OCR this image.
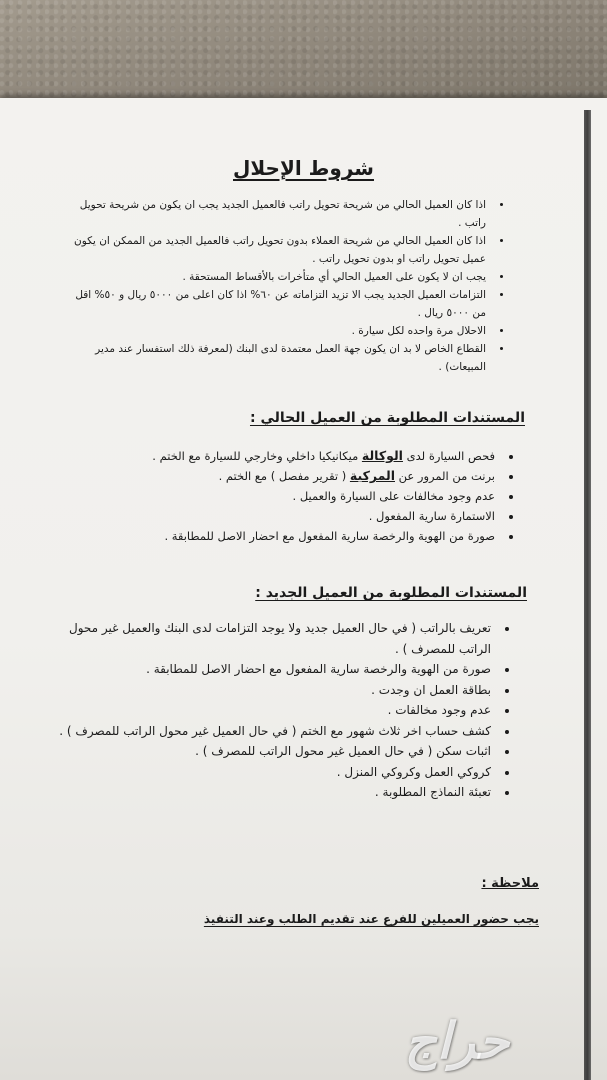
شروط الإحلال
• اذا كان العميل الحالي من شريحة تحويل راتب فالعميل الجديد يجب ان يكون من شريحة تحويل راتب .
• اذا كان العميل الحالي من شريحة العملاء بدون تحويل راتب فالعميل الجديد من الممكن ان يكون عميل تحويل راتب او بدون تحويل راتب .
• يجب ان لا يكون على العميل الحالي أي متأخرات بالأقساط المستحقة .
• التزامات العميل الجديد يجب الا تزيد التزاماته عن ٦٠% اذا كان اعلى من ٥٠٠٠ ريال و ٥٠% اقل من ٥٠٠٠ ريال .
• الاحلال مرة واحده لكل سيارة .
• القطاع الخاص لا بد ان يكون جهة العمل معتمدة لدى البنك (لمعرفة ذلك استفسار عند مدير المبيعات) .
المستندات المطلوبة من العميل الحالي :
• فحص السيارة لدى الوكالة ميكانيكيا داخلي وخارجي للسيارة مع الختم .
• برنت من المرور عن المركبة ( تقرير مفصل ) مع الختم .
• عدم وجود مخالفات على السيارة والعميل .
• الاستمارة سارية المفعول .
• صورة من الهوية والرخصة سارية المفعول مع احضار الاصل للمطابقة .
المستندات المطلوبة من العميل الجديد :
• تعريف بالراتب ( في حال العميل جديد ولا يوجد التزامات لدى البنك والعميل غير محول الراتب للمصرف ) .
• صورة من الهوية والرخصة سارية المفعول مع احضار الاصل للمطابقة .
• بطاقة العمل ان وجدت .
• عدم وجود مخالفات .
• كشف حساب اخر ثلاث شهور مع الختم ( في حال العميل غير محول الراتب للمصرف ) .
• اثبات سكن ( في حال العميل غير محول الراتب للمصرف ) .
• كروكي العمل وكروكي المنزل .
• تعبئة النماذج المطلوبة .
ملاحظة :
يجب حضور العميلين للفرع عند تقديم الطلب وعند التنفيذ
حراج
